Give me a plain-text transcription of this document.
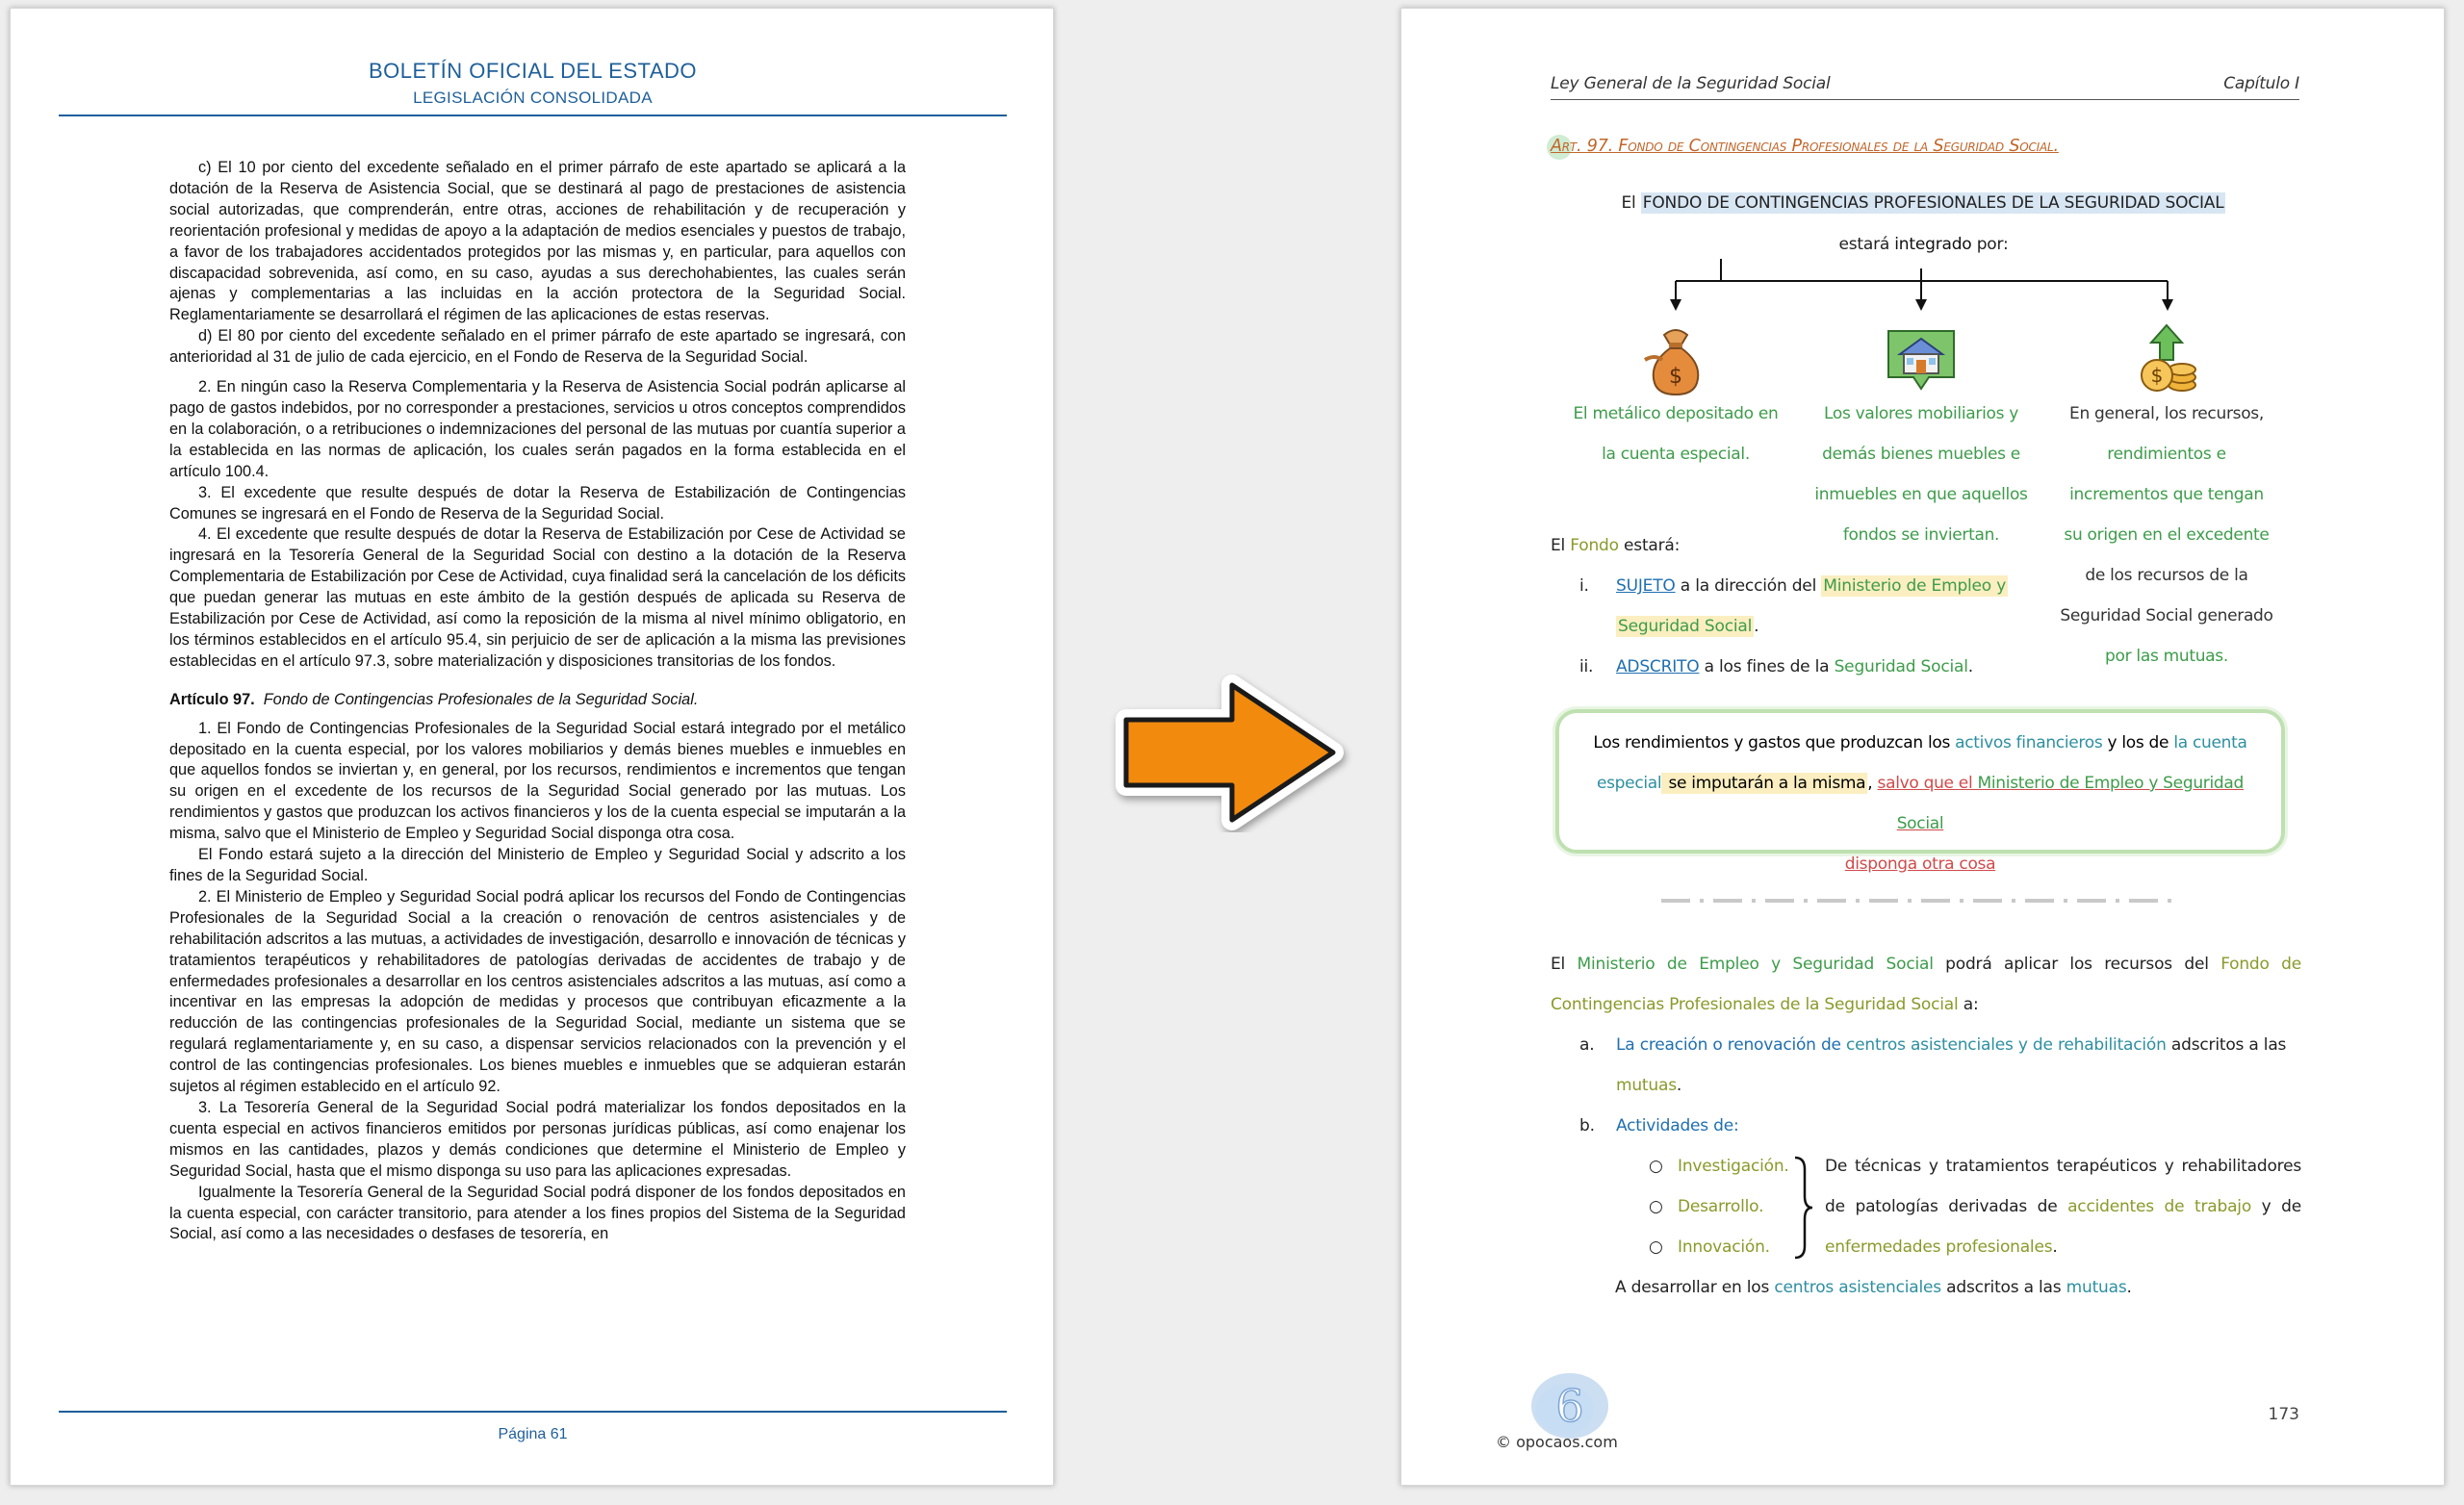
BOLETÍN OFICIAL DEL ESTADO
LEGISLACIÓN CONSOLIDADA

c) El 10 por ciento del excedente señalado en el primer párrafo de este apartado se aplicará a la dotación de la Reserva de Asistencia Social, que se destinará al pago de prestaciones de asistencia social autorizadas, que comprenderán, entre otras, acciones de rehabilitación y de recuperación y reorientación profesional y medidas de apoyo a la adaptación de medios esenciales y puestos de trabajo, a favor de los trabajadores accidentados protegidos por las mismas y, en particular, para aquellos con discapacidad sobrevenida, así como, en su caso, ayudas a sus derechohabientes, las cuales serán ajenas y complementarias a las incluidas en la acción protectora de la Seguridad Social. Reglamentariamente se desarrollará el régimen de las aplicaciones de estas reservas.

d) El 80 por ciento del excedente señalado en el primer párrafo de este apartado se ingresará, con anterioridad al 31 de julio de cada ejercicio, en el Fondo de Reserva de la Seguridad Social.

2. En ningún caso la Reserva Complementaria y la Reserva de Asistencia Social podrán aplicarse al pago de gastos indebidos, por no corresponder a prestaciones, servicios u otros conceptos comprendidos en la colaboración, o a retribuciones o indemnizaciones del personal de las mutuas por cuantía superior a la establecida en las normas de aplicación, los cuales serán pagados en la forma establecida en el artículo 100.4.

3. El excedente que resulte después de dotar la Reserva de Estabilización de Contingencias Comunes se ingresará en el Fondo de Reserva de la Seguridad Social.

4. El excedente que resulte después de dotar la Reserva de Estabilización por Cese de Actividad se ingresará en la Tesorería General de la Seguridad Social con destino a la dotación de la Reserva Complementaria de Estabilización por Cese de Actividad, cuya finalidad será la cancelación de los déficits que puedan generar las mutuas en este ámbito de la gestión después de aplicada su Reserva de Estabilización por Cese de Actividad, así como la reposición de la misma al nivel mínimo obligatorio, en los términos establecidos en el artículo 95.4, sin perjuicio de ser de aplicación a la misma las previsiones establecidas en el artículo 97.3, sobre materialización y disposiciones transitorias de los fondos.

Artículo 97. Fondo de Contingencias Profesionales de la Seguridad Social.

1. El Fondo de Contingencias Profesionales de la Seguridad Social estará integrado por el metálico depositado en la cuenta especial, por los valores mobiliarios y demás bienes muebles e inmuebles en que aquellos fondos se inviertan y, en general, por los recursos, rendimientos e incrementos que tengan su origen en el excedente de los recursos de la Seguridad Social generado por las mutuas. Los rendimientos y gastos que produzcan los activos financieros y los de la cuenta especial se imputarán a la misma, salvo que el Ministerio de Empleo y Seguridad Social disponga otra cosa.

El Fondo estará sujeto a la dirección del Ministerio de Empleo y Seguridad Social y adscrito a los fines de la Seguridad Social.

2. El Ministerio de Empleo y Seguridad Social podrá aplicar los recursos del Fondo de Contingencias Profesionales de la Seguridad Social a la creación o renovación de centros asistenciales y de rehabilitación adscritos a las mutuas, a actividades de investigación, desarrollo e innovación de técnicas y tratamientos terapéuticos y rehabilitadores de patologías derivadas de accidentes de trabajo y de enfermedades profesionales a desarrollar en los centros asistenciales adscritos a las mutuas, así como a incentivar en las empresas la adopción de medidas y procesos que contribuyan eficazmente a la reducción de las contingencias profesionales de la Seguridad Social, mediante un sistema que se regulará reglamentariamente y, en su caso, a dispensar servicios relacionados con la prevención y el control de las contingencias profesionales. Los bienes muebles e inmuebles que se adquieran estarán sujetos al régimen establecido en el artículo 92.

3. La Tesorería General de la Seguridad Social podrá materializar los fondos depositados en la cuenta especial en activos financieros emitidos por personas jurídicas públicas, así como enajenar los mismos en las cantidades, plazos y demás condiciones que determine el Ministerio de Empleo y Seguridad Social, hasta que el mismo disponga su uso para las aplicaciones expresadas.

Igualmente la Tesorería General de la Seguridad Social podrá disponer de los fondos depositados en la cuenta especial, con carácter transitorio, para atender a los fines propios del Sistema de la Seguridad Social, así como a las necesidades o desfases de tesorería, en

Página 61
Ley General de la Seguridad Social	Capítulo I
Art. 97. Fondo de Contingencias Profesionales de la Seguridad Social.
El FONDO DE CONTINGENCIAS PROFESIONALES DE LA SEGURIDAD SOCIAL
estará integrado por:
$	$
El metálico depositado en
la cuenta especial.
Los valores mobiliarios y
demás bienes muebles e
inmuebles en que aquellos
fondos se inviertan.
En general, los recursos,
rendimientos e
incrementos que tengan
su origen en el excedente
de los recursos de la
Seguridad Social generado
por las mutuas.
El Fondo estará:
i. SUJETO a la dirección del Ministerio de Empleo y
Seguridad Social .
ii. ADSCRITO a los fines de la Seguridad Social.
Los rendimientos y gastos que produzcan los activos financieros y los de la cuenta
especial se imputarán a la misma , salvo que el Ministerio de Empleo y Seguridad Social
disponga otra cosa
El Ministerio de Empleo y Seguridad Social podrá aplicar los recursos del Fondo de
Contingencias Profesionales de la Seguridad Social a:
a. La creación o renovación de centros asistenciales y de rehabilitación adscritos a las
mutuas.
b. Actividades de:
○ Investigación.
○ Desarrollo.
○ Innovación.
De técnicas y tratamientos terapéuticos y rehabilitadores
de patologías derivadas de accidentes de trabajo y de
enfermedades profesionales.
A desarrollar en los centros asistenciales adscritos a las mutuas.
6
© opocaos.com
173
